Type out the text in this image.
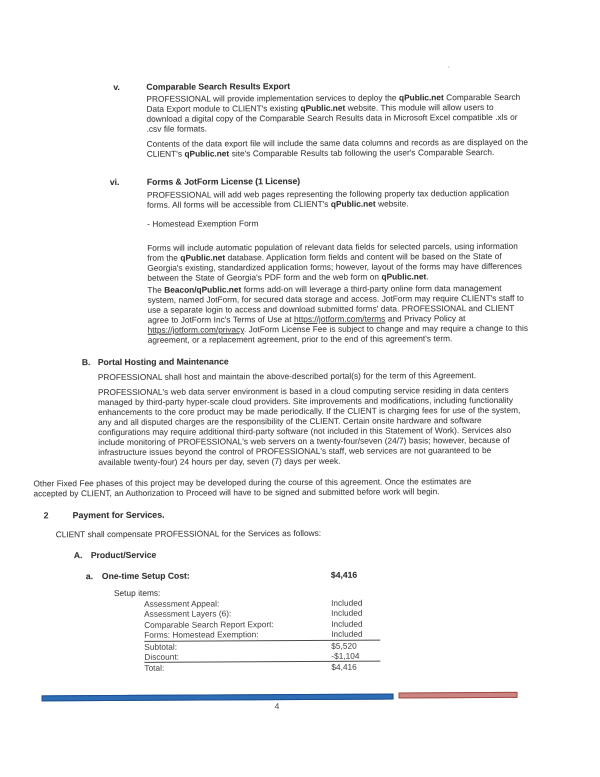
'
v.	Comparable Search Results Export
PROFESSIONAL will provide implementation services to deploy the qPublic.net Comparable Search Data Export module to CLIENT's existing qPublic.net website. This module will allow users to download a digital copy of the Comparable Search Results data in Microsoft Excel compatible .xls or .csv file formats.
Contents of the data export file will include the same data columns and records as are displayed on the CLIENT's qPublic.net site's Comparable Results tab following the user's Comparable Search.
vi.	Forms & JotForm License (1 License)
PROFESSIONAL will add web pages representing the following property tax deduction application forms. All forms will be accessible from CLIENT's qPublic.net website.
- Homestead Exemption Form
Forms will include automatic population of relevant data fields for selected parcels, using information from the qPublic.net database. Application form fields and content will be based on the State of Georgia's existing, standardized application forms; however, layout of the forms may have differences between the State of Georgia's PDF form and the web form on qPublic.net.
The Beacon/qPublic.net forms add-on will leverage a third-party online form data management system, named JotForm, for secured data storage and access. JotForm may require CLIENT's staff to use a separate login to access and download submitted forms' data. PROFESSIONAL and CLIENT agree to JotForm Inc's Terms of Use at https://jotform.com/terms and Privacy Policy at https://jotform.com/privacy. JotForm License Fee is subject to change and may require a change to this agreement, or a replacement agreement, prior to the end of this agreement's term.
B. Portal Hosting and Maintenance
PROFESSIONAL shall host and maintain the above-described portal(s) for the term of this Agreement.
PROFESSIONAL's web data server environment is based in a cloud computing service residing in data centers managed by third-party hyper-scale cloud providers. Site improvements and modifications, including functionality enhancements to the core product may be made periodically. If the CLIENT is charging fees for use of the system, any and all disputed charges are the responsibility of the CLIENT. Certain onsite hardware and software configurations may require additional third-party software (not included in this Statement of Work). Services also include monitoring of PROFESSIONAL's web servers on a twenty-four/seven (24/7) basis; however, because of infrastructure issues beyond the control of PROFESSIONAL's staff, web services are not guaranteed to be available twenty-four) 24 hours per day, seven (7) days per week.
Other Fixed Fee phases of this project may be developed during the course of this agreement. Once the estimates are accepted by CLIENT, an Authorization to Proceed will have to be signed and submitted before work will begin.
2	Payment for Services.
CLIENT shall compensate PROFESSIONAL for the Services as follows:
A. Product/Service
a. One-time Setup Cost:	$4,416
Setup items:
Assessment Appeal:	Included
Assessment Layers (6):	Included
Comparable Search Report Export:	Included
Forms: Homestead Exemption:	Included
Subtotal:	$5,520
Discount:	-$1,104
Total:	$4,416
4
